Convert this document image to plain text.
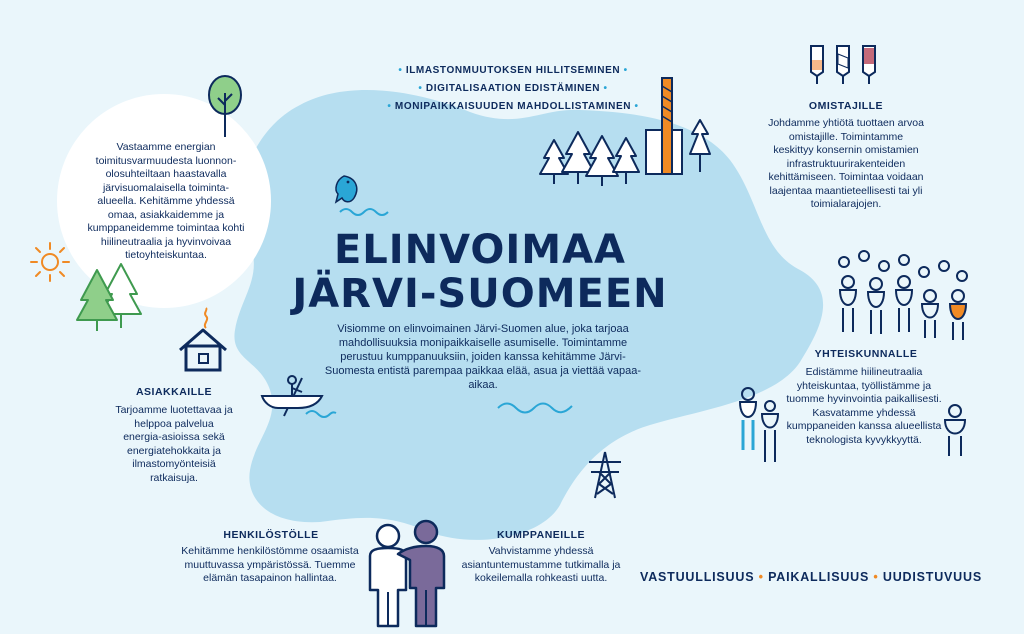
Vastaamme energian toimitusvarmuudesta luonnon-olosuhteiltaan haastavalla järvisuomalaisella toiminta-alueella. Kehitämme yhdessä omaa, asiakkaidemme ja kumppaneidemme toimintaa kohti hiilineutraalia ja hyvinvoivaa tietoyhteiskuntaa.
ASIAKKAILLE
Tarjoamme luotettavaa ja helppoa palvelua energia-asioissa sekä energiatehokkaita ja ilmastomyönteisiä ratkaisuja.
• ILMASTONMUUTOKSEN HILLITSEMINEN •
• DIGITALISAATION EDISTÄMINEN •
• MONIPAIKKAISUUDEN MAHDOLLISTAMINEN •
ELINVOIMAA
JÄRVI-SUOMEEN
Visiomme on elinvoimainen Järvi-Suomen alue, joka tarjoaa mahdollisuuksia monipaikkaiselle asumiselle. Toimintamme perustuu kumppanuuksiin, joiden kanssa kehitämme Järvi-Suomesta entistä parempaa paikkaa elää, asua ja viettää vapaa-aikaa.
OMISTAJILLE
Johdamme yhtiötä tuottaen arvoa omistajille. Toimintamme keskittyy konsernin omistamien infrastruktuurirakenteiden kehittämiseen. Toimintaa voidaan laajentaa maantieteellisesti tai yli toimialarajojen.
YHTEISKUNNALLE
Edistämme hiilineutraalia yhteiskuntaa, työllistämme ja tuomme hyvinvointia paikallisesti. Kasvatamme yhdessä kumppaneiden kanssa alueellista teknologista kyvykkyyttä.
HENKILÖSTÖLLE
Kehitämme henkilöstömme osaamista muuttuvassa ympäristössä. Tuemme elämän tasapainon hallintaa.
KUMPPANEILLE
Vahvistamme yhdessä asiantuntemustamme tutkimalla ja kokeilemalla rohkeasti uutta.	VASTUULLISUUS • PAIKALLISUUS • UUDISTUVUUS
